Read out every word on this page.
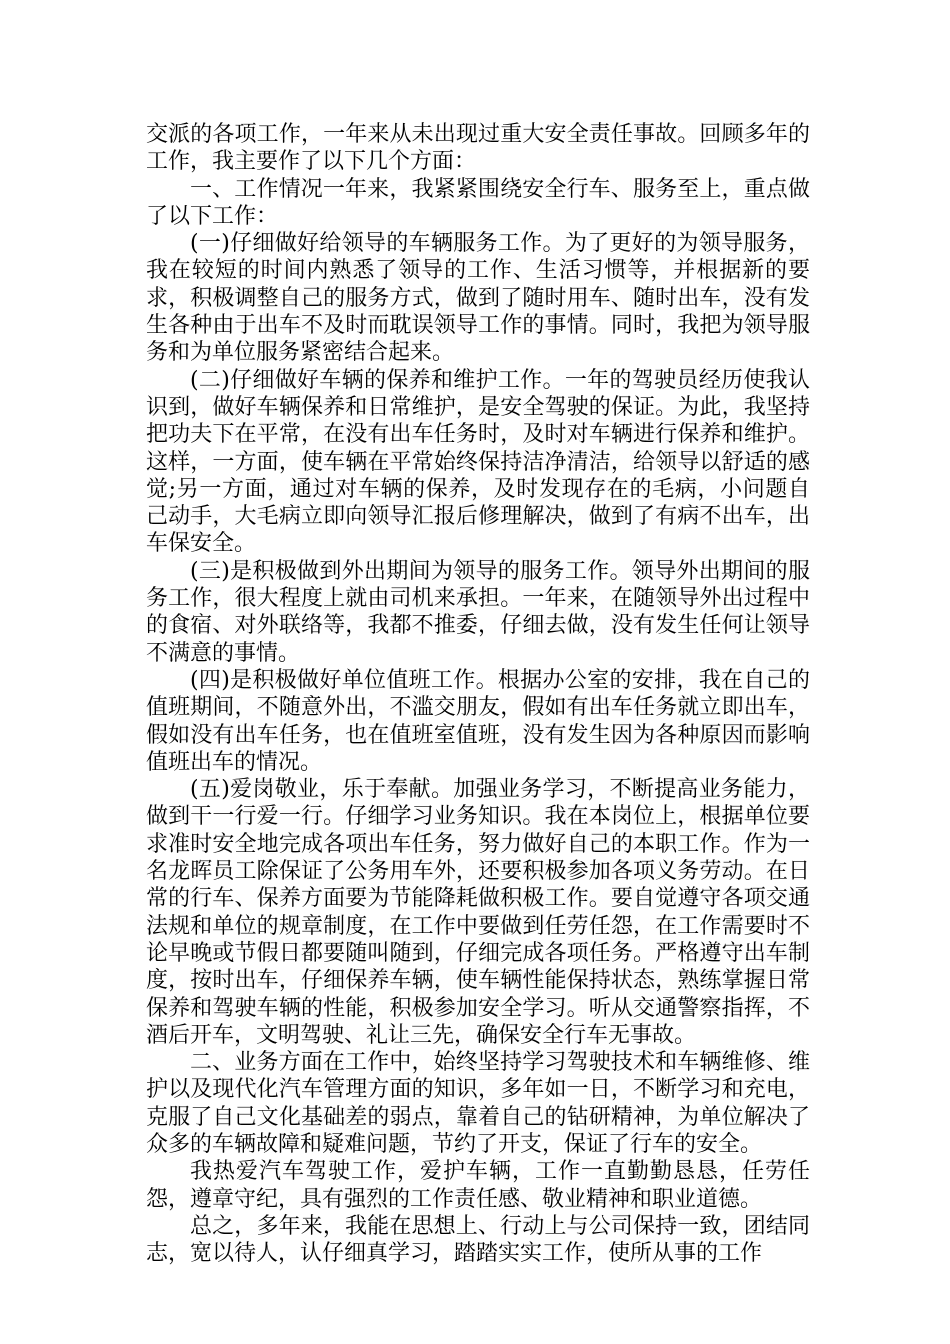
交派的各项工作，一年来从未出现过重大安全责任事故。回顾多年的工作，我主要作了以下几个方面：

一、工作情况一年来，我紧紧围绕安全行车、服务至上，重点做了以下工作：

(一)仔细做好给领导的车辆服务工作。为了更好的为领导服务，我在较短的时间内熟悉了领导的工作、生活习惯等，并根据新的要求，积极调整自己的服务方式，做到了随时用车、随时出车，没有发生各种由于出车不及时而耽误领导工作的事情。同时，我把为领导服务和为单位服务紧密结合起来。

(二)仔细做好车辆的保养和维护工作。一年的驾驶员经历使我认识到，做好车辆保养和日常维护，是安全驾驶的保证。为此，我坚持把功夫下在平常，在没有出车任务时，及时对车辆进行保养和维护。这样，一方面，使车辆在平常始终保持洁净清洁，给领导以舒适的感觉;另一方面，通过对车辆的保养，及时发现存在的毛病，小问题自己动手，大毛病立即向领导汇报后修理解决，做到了有病不出车，出车保安全。

(三)是积极做到外出期间为领导的服务工作。领导外出期间的服务工作，很大程度上就由司机来承担。一年来，在随领导外出过程中的食宿、对外联络等，我都不推委，仔细去做，没有发生任何让领导不满意的事情。

(四)是积极做好单位值班工作。根据办公室的安排，我在自己的值班期间，不随意外出，不滥交朋友，假如有出车任务就立即出车，假如没有出车任务，也在值班室值班，没有发生因为各种原因而影响值班出车的情况。

(五)爱岗敬业，乐于奉献。加强业务学习，不断提高业务能力，做到干一行爱一行。仔细学习业务知识。我在本岗位上，根据单位要求准时安全地完成各项出车任务，努力做好自己的本职工作。作为一名龙晖员工除保证了公务用车外，还要积极参加各项义务劳动。在日常的行车、保养方面要为节能降耗做积极工作。要自觉遵守各项交通法规和单位的规章制度，在工作中要做到任劳任怨，在工作需要时不论早晚或节假日都要随叫随到，仔细完成各项任务。严格遵守出车制度，按时出车，仔细保养车辆，使车辆性能保持状态，熟练掌握日常保养和驾驶车辆的性能，积极参加安全学习。听从交通警察指挥，不酒后开车，文明驾驶、礼让三先，确保安全行车无事故。

二、业务方面在工作中，始终坚持学习驾驶技术和车辆维修、维护以及现代化汽车管理方面的知识，多年如一日，不断学习和充电，克服了自己文化基础差的弱点，靠着自己的钻研精神，为单位解决了众多的车辆故障和疑难问题，节约了开支，保证了行车的安全。

我热爱汽车驾驶工作，爱护车辆，工作一直勤勤恳恳，任劳任怨，遵章守纪，具有强烈的工作责任感、敬业精神和职业道德。

总之，多年来，我能在思想上、行动上与公司保持一致，团结同志，宽以待人，认仔细真学习，踏踏实实工作，使所从事的工作
